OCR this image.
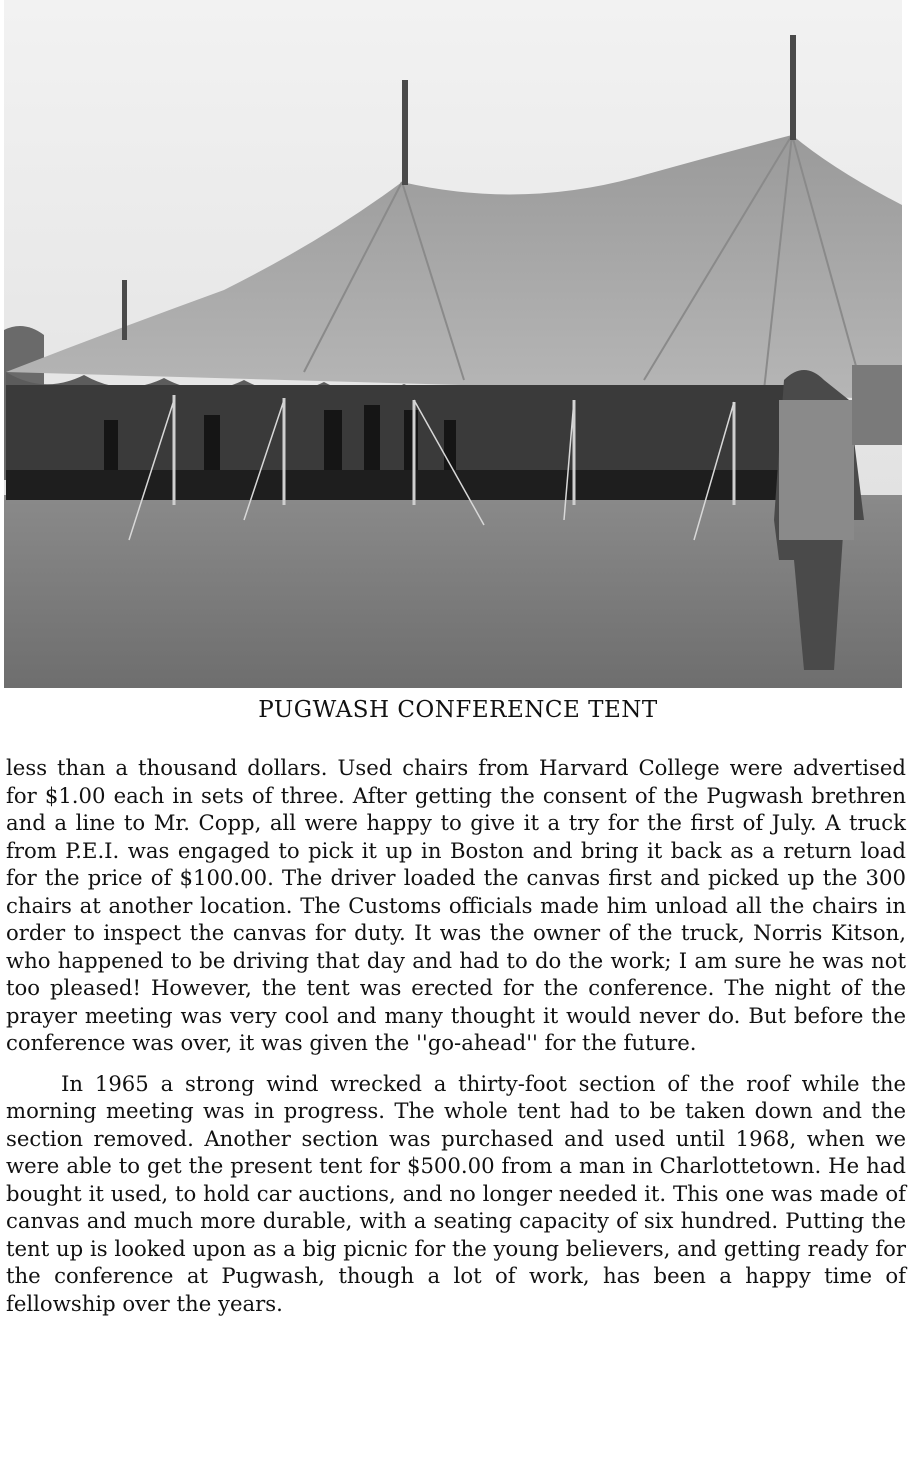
PUGWASH CONFERENCE TENT

less than a thousand dollars. Used chairs from Harvard College were advertised for $1.00 each in sets of three. After getting the consent of the Pugwash brethren and a line to Mr. Copp, all were happy to give it a try for the first of July. A truck from P.E.I. was engaged to pick it up in Boston and bring it back as a return load for the price of $100.00. The driver loaded the canvas first and picked up the 300 chairs at another location. The Customs officials made him unload all the chairs in order to inspect the canvas for duty. It was the owner of the truck, Norris Kitson, who happened to be driving that day and had to do the work; I am sure he was not too pleased! However, the tent was erected for the conference. The night of the prayer meeting was very cool and many thought it would never do. But before the conference was over, it was given the ''go-ahead'' for the future.

In 1965 a strong wind wrecked a thirty-foot section of the roof while the morning meeting was in progress. The whole tent had to be taken down and the section removed. Another section was purchased and used until 1968, when we were able to get the present tent for $500.00 from a man in Charlottetown. He had bought it used, to hold car auctions, and no longer needed it. This one was made of canvas and much more durable, with a seating capacity of six hundred. Putting the tent up is looked upon as a big picnic for the young believers, and getting ready for the conference at Pugwash, though a lot of work, has been a happy time of fellowship over the years.
